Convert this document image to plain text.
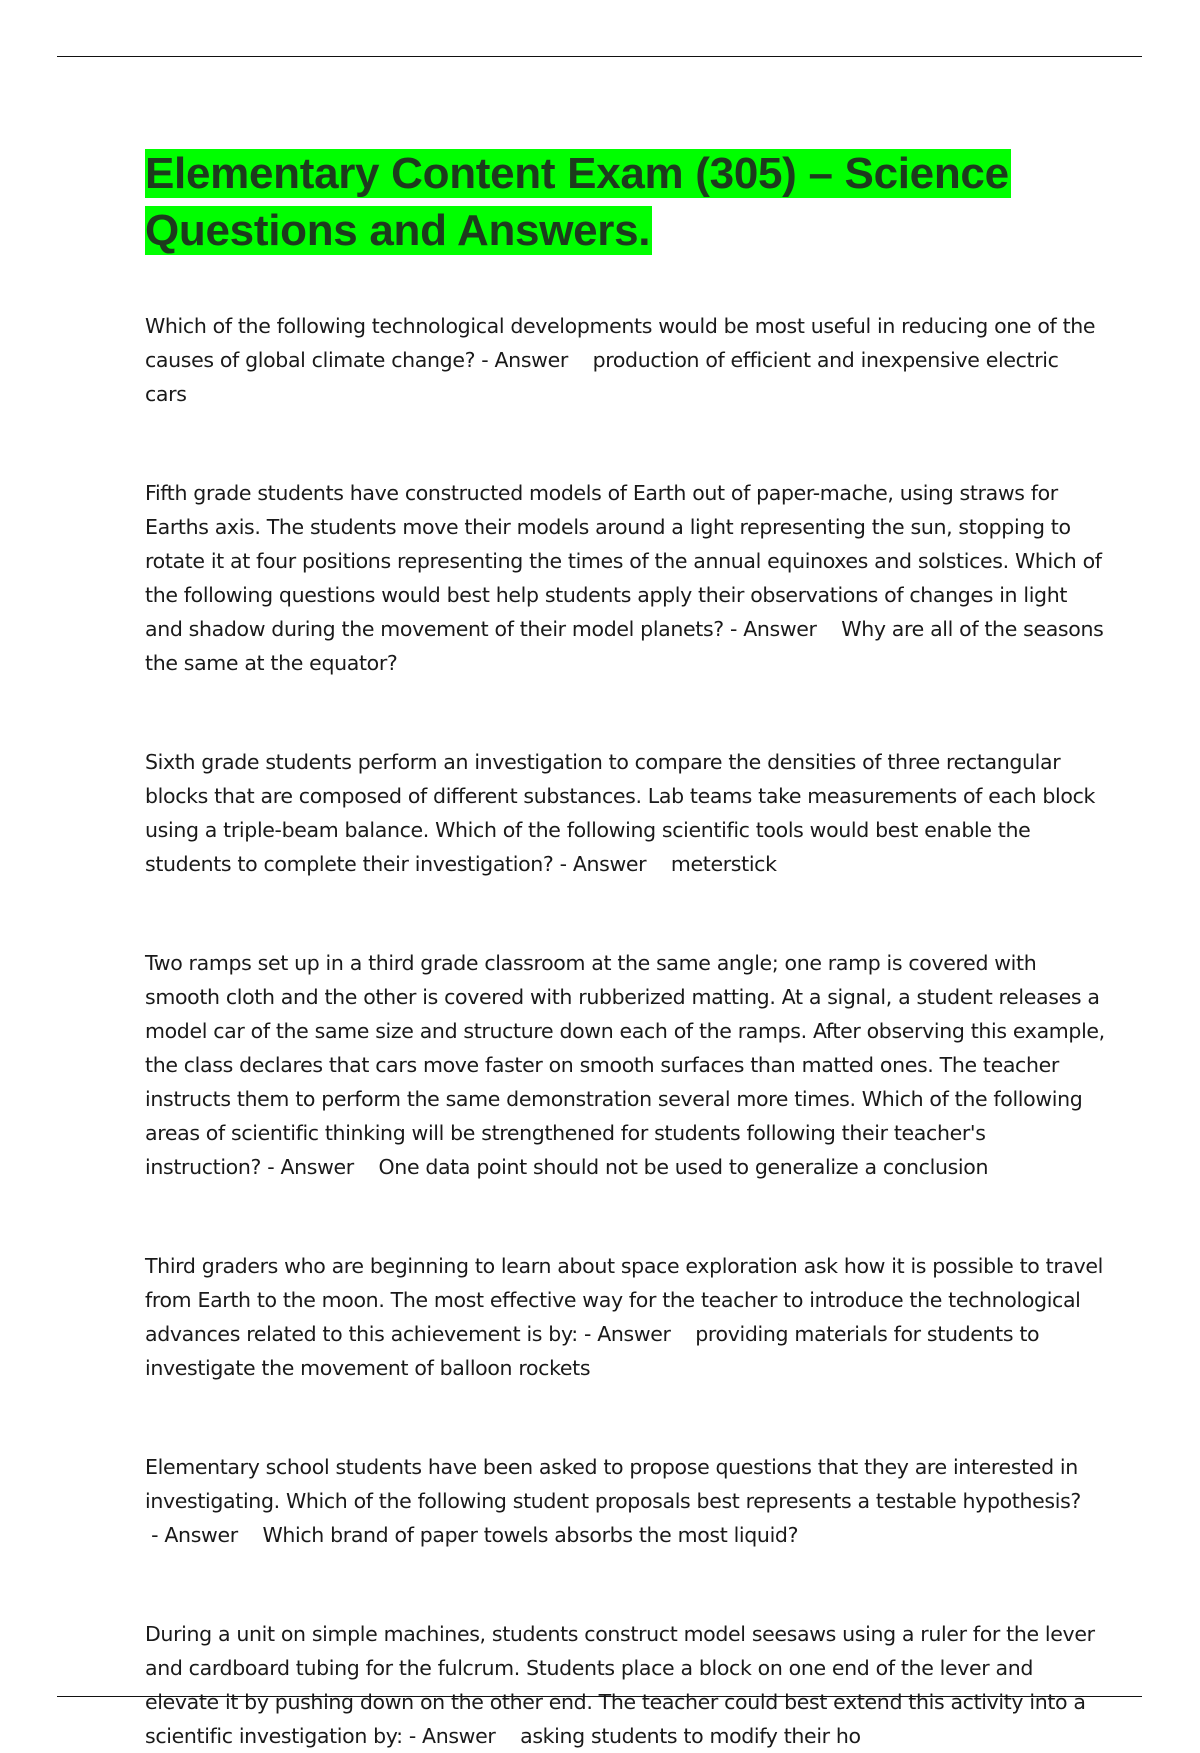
Elementary Content Exam (305) – Science Questions and Answers.

Which of the following technological developments would be most useful in reducing one of the causes of global climate change? - Answer    production of efficient and inexpensive electric cars

Fifth grade students have constructed models of Earth out of paper-mache, using straws for Earths axis. The students move their models around a light representing the sun, stopping to rotate it at four positions representing the times of the annual equinoxes and solstices. Which of the following questions would best help students apply their observations of changes in light and shadow during the movement of their model planets? - Answer    Why are all of the seasons the same at the equator?

Sixth grade students perform an investigation to compare the densities of three rectangular blocks that are composed of different substances. Lab teams take measurements of each block using a triple-beam balance. Which of the following scientific tools would best enable the students to complete their investigation? - Answer    meterstick

Two ramps set up in a third grade classroom at the same angle; one ramp is covered with smooth cloth and the other is covered with rubberized matting. At a signal, a student releases a model car of the same size and structure down each of the ramps. After observing this example, the class declares that cars move faster on smooth surfaces than matted ones. The teacher instructs them to perform the same demonstration several more times. Which of the following areas of scientific thinking will be strengthened for students following their teacher's instruction? - Answer    One data point should not be used to generalize a conclusion

Third graders who are beginning to learn about space exploration ask how it is possible to travel from Earth to the moon. The most effective way for the teacher to introduce the technological advances related to this achievement is by: - Answer    providing materials for students to investigate the movement of balloon rockets

Elementary school students have been asked to propose questions that they are interested in investigating. Which of the following student proposals best represents a testable hypothesis? - Answer    Which brand of paper towels absorbs the most liquid?

During a unit on simple machines, students construct model seesaws using a ruler for the lever and cardboard tubing for the fulcrum. Students place a block on one end of the lever and elevate it by pushing down on the other end. The teacher could best extend this activity into a scientific investigation by: - Answer    asking students to modify their ho
